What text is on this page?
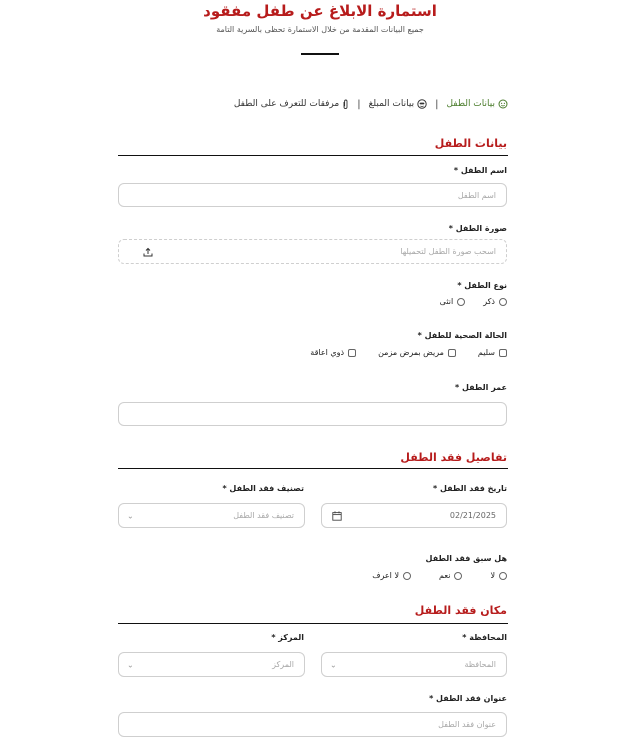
استمارة الابلاغ عن طفل مفقود
جميع البيانات المقدمة من خلال الاستمارة تحظى بالسرية التامة
بيانات الطفل
|
بيانات المبلغ
|
مرفقات للتعرف على الطفل
بيانات الطفل
اسم الطفل *
اسم الطفل
صورة الطفل *
اسحب صورة الطفل لتحميلها
نوع الطفل *
ذكر
انثى
الحالة الصحية للطفل *
سليم
مريض بمرض مزمن
ذوي اعاقة
عمر الطفل *
تفاصيل فقد الطفل
تاريخ فقد الطفل *
02/21/2025
تصنيف فقد الطفل *
تصنيف فقد الطفل
⌄
هل سبق فقد الطفل
لا
نعم
لا اعرف
مكان فقد الطفل
المحافظة *
المحافظة
⌄
المركز *
المركز
⌄
عنوان فقد الطفل *
عنوان فقد الطفل
